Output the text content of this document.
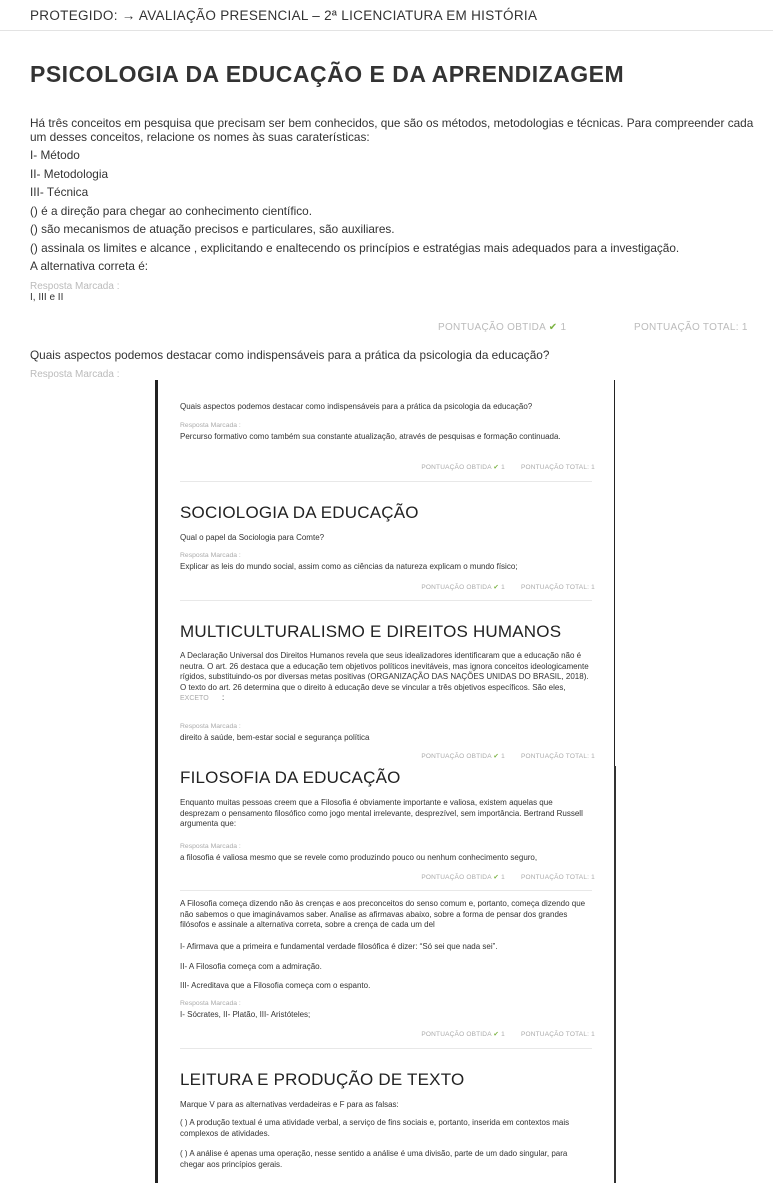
PROTEGIDO: → AVALIAÇÃO PRESENCIAL – 2ª LICENCIATURA EM HISTÓRIA
PSICOLOGIA DA EDUCAÇÃO E DA APRENDIZAGEM

Há três conceitos em pesquisa que precisam ser bem conhecidos, que são os métodos, metodologias e técnicas. Para compreender cada um desses conceitos, relacione os nomes às suas caraterísticas:

I- Método

II- Metodologia

III- Técnica

() é a direção para chegar ao conhecimento científico.

() são mecanismos de atuação precisos e particulares, são auxiliares.

() assinala os limites e alcance , explicitando e enaltecendo os princípios e estratégias mais adequados para a investigação.

A alternativa correta é:

Resposta Marcada :

I, III e II

PONTUAÇÃO OBTIDA ✔ 1	PONTUAÇÃO TOTAL: 1
Quais aspectos podemos destacar como indispensáveis para a prática da psicologia da educação?
Resposta Marcada :
Quais aspectos podemos destacar como indispensáveis para a prática da psicologia da educação?
Resposta Marcada :
Percurso formativo como também sua constante atualização, através de pesquisas e formação continuada.
PONTUAÇÃO OBTIDA ✔ 1 PONTUAÇÃO TOTAL: 1
SOCIOLOGIA DA EDUCAÇÃO
Qual o papel da Sociologia para Comte?
Resposta Marcada :
Explicar as leis do mundo social, assim como as ciências da natureza explicam o mundo físico;
PONTUAÇÃO OBTIDA ✔ 1 PONTUAÇÃO TOTAL: 1
MULTICULTURALISMO E DIREITOS HUMANOS
A Declaração Universal dos Direitos Humanos revela que seus idealizadores identificaram que a educação não é neutra. O art. 26 destaca que a educação tem objetivos políticos inevitáveis, mas ignora conceitos ideologicamente rígidos, substituindo-os por diversas metas positivas (ORGANIZAÇÃO DAS NAÇÕES UNIDAS DO BRASIL, 2018). O texto do art. 26 determina que o direito à educação deve se vincular a três objetivos específicos. São eles, EXCETO :
Resposta Marcada :
direito à saúde, bem-estar social e segurança política
PONTUAÇÃO OBTIDA ✔ 1 PONTUAÇÃO TOTAL: 1
FILOSOFIA DA EDUCAÇÃO
Enquanto muitas pessoas creem que a Filosofia é obviamente importante e valiosa, existem aquelas que desprezam o pensamento filosófico como jogo mental irrelevante, desprezível, sem importância. Bertrand Russell argumenta que:
Resposta Marcada :
a filosofia é valiosa mesmo que se revele como produzindo pouco ou nenhum conhecimento seguro,
PONTUAÇÃO OBTIDA ✔ 1 PONTUAÇÃO TOTAL: 1
A Filosofia começa dizendo não às crenças e aos preconceitos do senso comum e, portanto, começa dizendo que não sabemos o que imaginávamos saber. Analise as afirmavas abaixo, sobre a forma de pensar dos grandes filósofos e assinale a alternativa correta, sobre a crença de cada um del
I- Afirmava que a primeira e fundamental verdade filosófica é dizer: “Só sei que nada sei”.
II- A Filosofia começa com a admiração.
III- Acreditava que a Filosofia começa com o espanto.
Resposta Marcada :
I- Sócrates, II- Platão, III- Aristóteles;
PONTUAÇÃO OBTIDA ✔ 1 PONTUAÇÃO TOTAL: 1
LEITURA E PRODUÇÃO DE TEXTO
Marque V para as alternativas verdadeiras e F para as falsas:
( ) A produção textual é uma atividade verbal, a serviço de fins sociais e, portanto, inserida em contextos mais complexos de atividades.
( ) A análise é apenas uma operação, nesse sentido a análise é uma divisão, parte de um dado singular, para chegar aos princípios gerais.
